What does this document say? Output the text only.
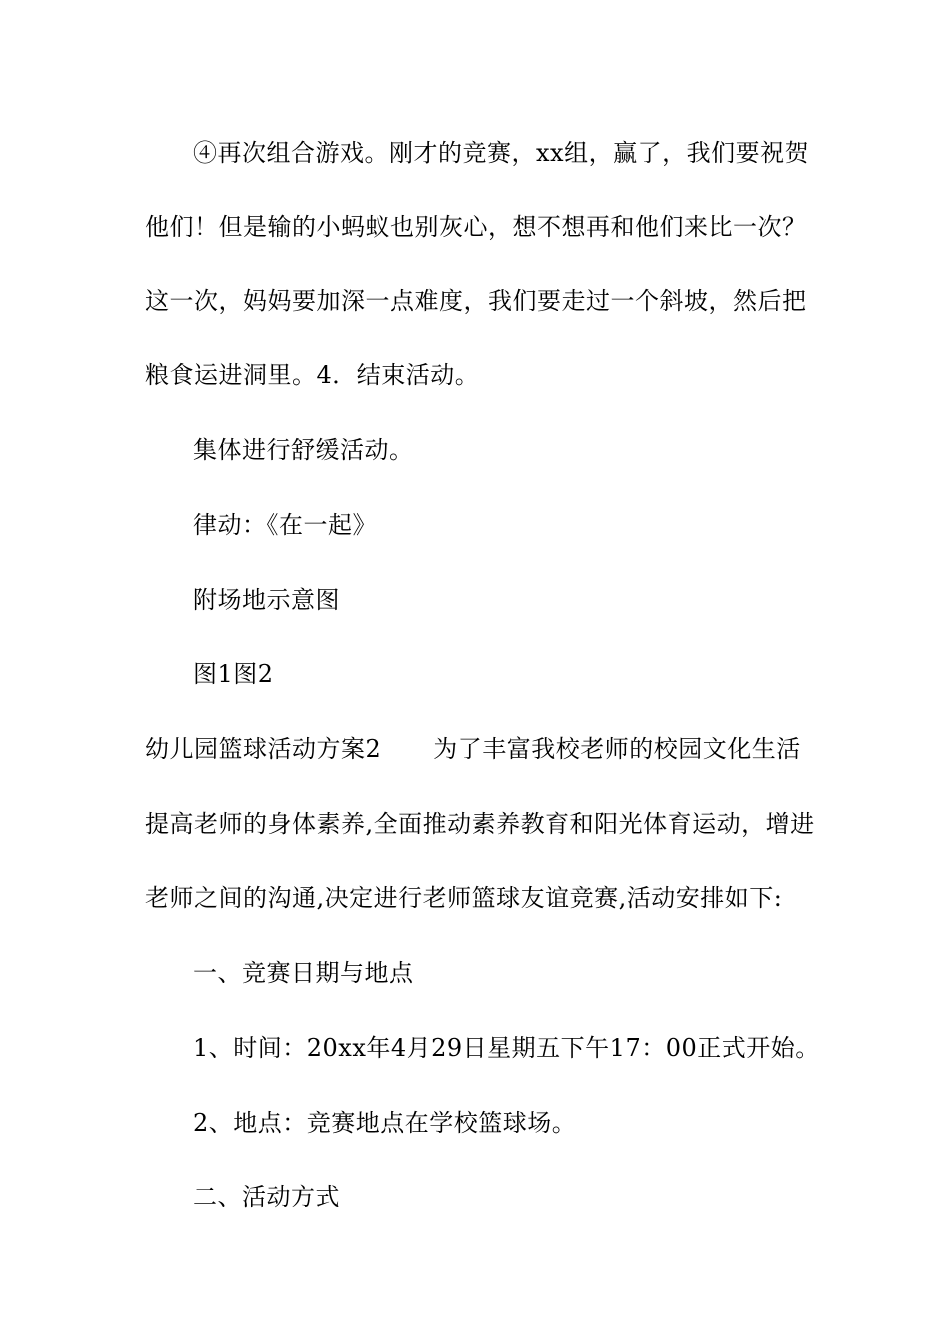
④再次组合游戏。刚才的竞赛，xx组，赢了，我们要祝贺
他们！但是输的小蚂蚁也别灰心，想不想再和他们来比一次？
这一次，妈妈要加深一点难度，我们要走过一个斜坡，然后把
粮食运进洞里。4．结束活动。
集体进行舒缓活动。
律动：《在一起》
附场地示意图
图1图2
幼儿园篮球活动方案2 为了丰富我校老师的校园文化生活
提高老师的身体素养,全面推动素养教育和阳光体育运动，增进
老师之间的沟通,决定进行老师篮球友谊竞赛,活动安排如下:
一、竞赛日期与地点
1、时间：20xx年4月29日星期五下午17：00正式开始。
2、地点：竞赛地点在学校篮球场。
二、活动方式
